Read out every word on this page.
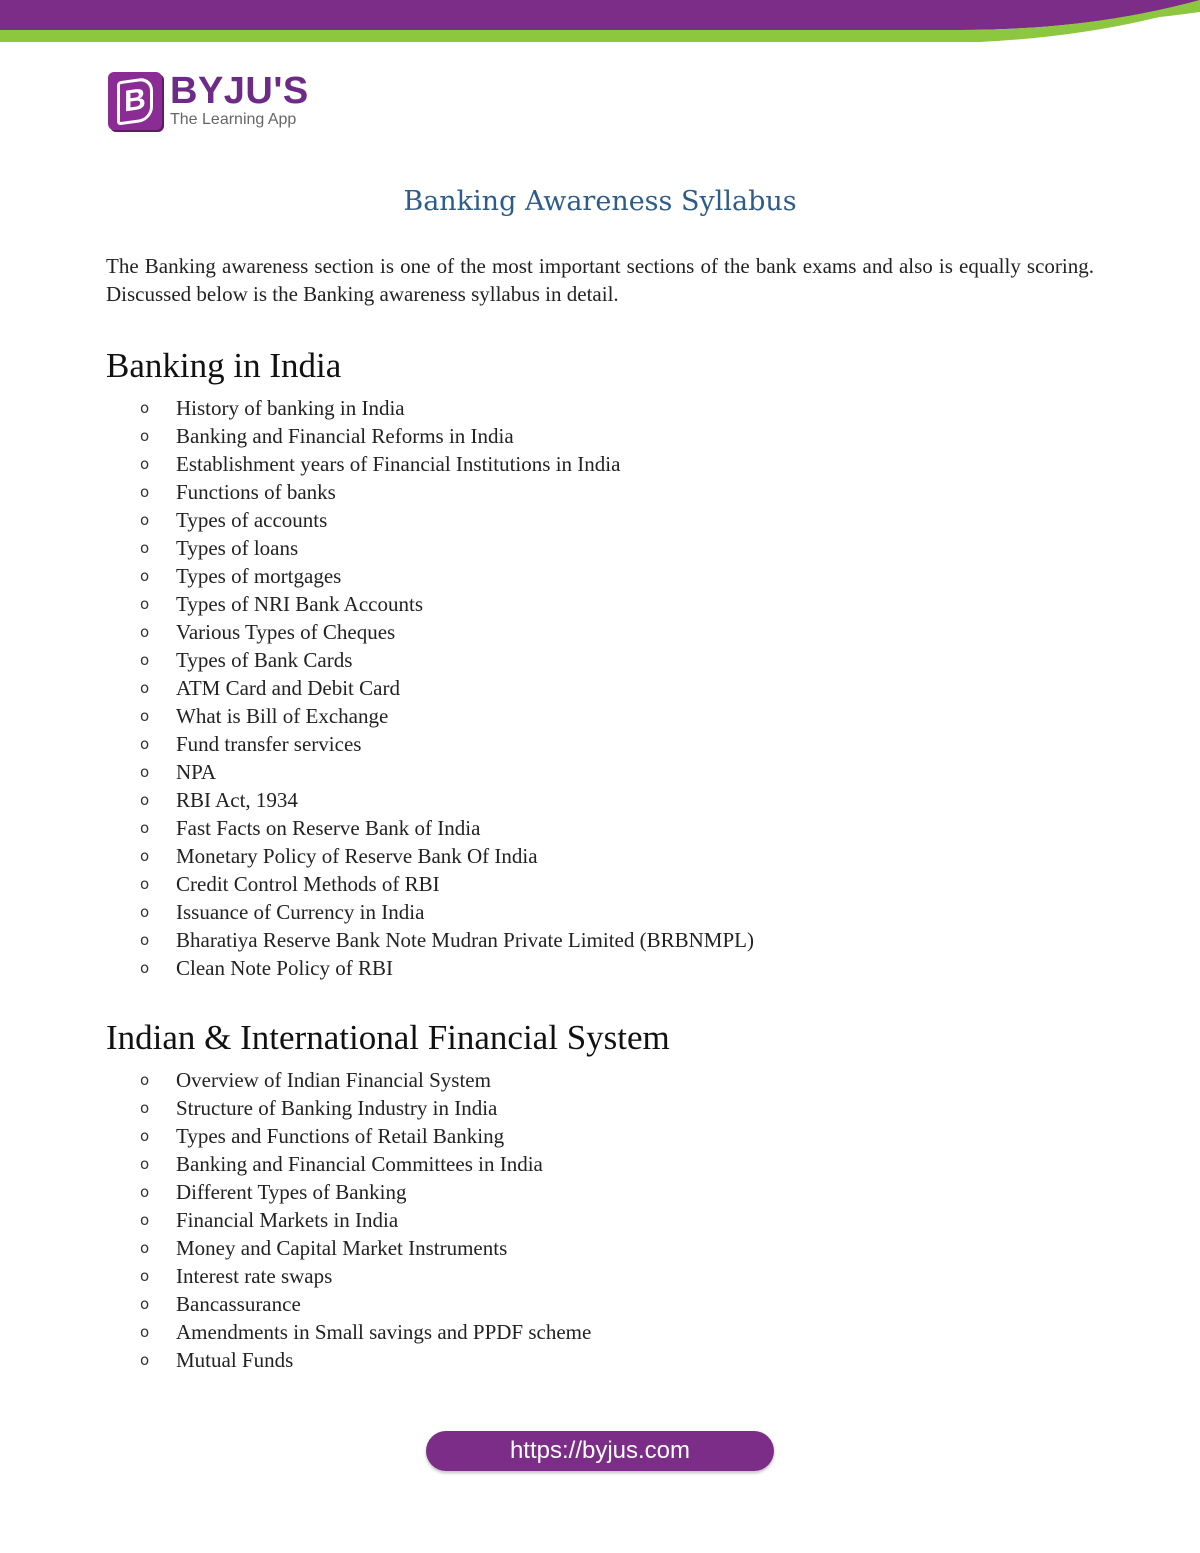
B BYJU'S
The Learning App
Banking Awareness Syllabus

The Banking awareness section is one of the most important sections of the bank exams and also is equally scoring. Discussed below is the Banking awareness syllabus in detail.

Banking in India
o	History of banking in India
o	Banking and Financial Reforms in India
o	Establishment years of Financial Institutions in India
o	Functions of banks
o	Types of accounts
o	Types of loans
o	Types of mortgages
o	Types of NRI Bank Accounts
o	Various Types of Cheques
o	Types of Bank Cards
o	ATM Card and Debit Card
o	What is Bill of Exchange
o	Fund transfer services
o	NPA
o	RBI Act, 1934
o	Fast Facts on Reserve Bank of India
o	Monetary Policy of Reserve Bank Of India
o	Credit Control Methods of RBI
o	Issuance of Currency in India
o	Bharatiya Reserve Bank Note Mudran Private Limited (BRBNMPL)
o	Clean Note Policy of RBI
Indian & International Financial System
o	Overview of Indian Financial System
o	Structure of Banking Industry in India
o	Types and Functions of Retail Banking
o	Banking and Financial Committees in India
o	Different Types of Banking
o	Financial Markets in India
o	Money and Capital Market Instruments
o	Interest rate swaps
o	Bancassurance
o	Amendments in Small savings and PPDF scheme
o	Mutual Funds
https://byjus.com
